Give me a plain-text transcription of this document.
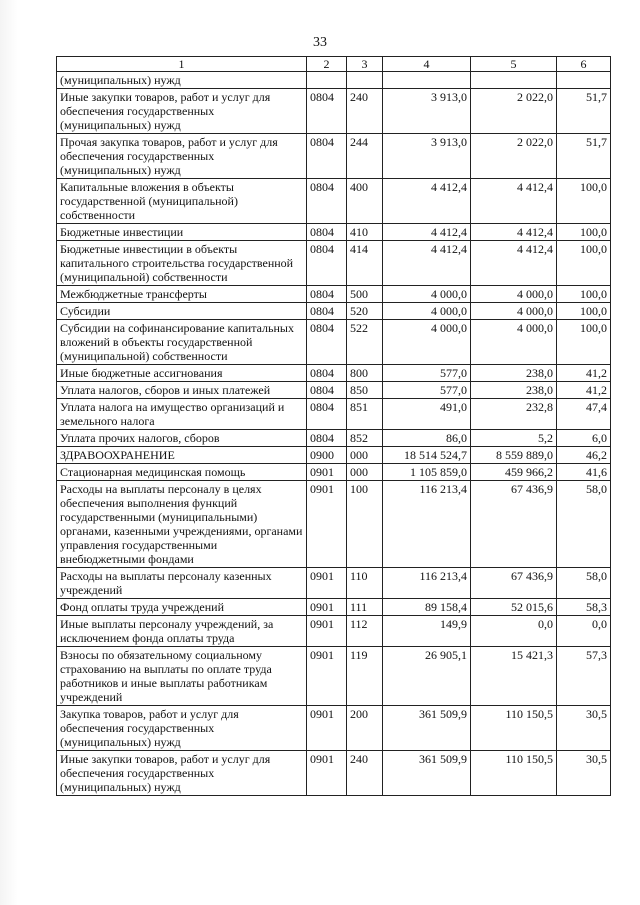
33
1	2	3	4	5	6
(муниципальных) нужд					
Иные закупки товаров, работ и услуг для обеспечения государственных (муниципальных) нужд	0804	240	3 913,0	2 022,0	51,7
Прочая закупка товаров, работ и услуг для обеспечения государственных (муниципальных) нужд	0804	244	3 913,0	2 022,0	51,7
Капитальные вложения в объекты государственной (муниципальной) собственности	0804	400	4 412,4	4 412,4	100,0
Бюджетные инвестиции	0804	410	4 412,4	4 412,4	100,0
Бюджетные инвестиции в объекты капитального строительства государственной (муниципальной) собственности	0804	414	4 412,4	4 412,4	100,0
Межбюджетные трансферты	0804	500	4 000,0	4 000,0	100,0
Субсидии	0804	520	4 000,0	4 000,0	100,0
Субсидии на софинансирование капитальных вложений в объекты государственной (муниципальной) собственности	0804	522	4 000,0	4 000,0	100,0
Иные бюджетные ассигнования	0804	800	577,0	238,0	41,2
Уплата налогов, сборов и иных платежей	0804	850	577,0	238,0	41,2
Уплата налога на имущество организаций и земельного налога	0804	851	491,0	232,8	47,4
Уплата прочих налогов, сборов	0804	852	86,0	5,2	6,0
ЗДРАВООХРАНЕНИЕ	0900	000	18 514 524,7	8 559 889,0	46,2
Стационарная медицинская помощь	0901	000	1 105 859,0	459 966,2	41,6
Расходы на выплаты персоналу в целях обеспечения выполнения функций государственными (муниципальными) органами, казенными учреждениями, органами управления государственными внебюджетными фондами	0901	100	116 213,4	67 436,9	58,0
Расходы на выплаты персоналу казенных учреждений	0901	110	116 213,4	67 436,9	58,0
Фонд оплаты труда учреждений	0901	111	89 158,4	52 015,6	58,3
Иные выплаты персоналу учреждений, за исключением фонда оплаты труда	0901	112	149,9	0,0	0,0
Взносы по обязательному социальному страхованию на выплаты по оплате труда работников и иные выплаты работникам учреждений	0901	119	26 905,1	15 421,3	57,3
Закупка товаров, работ и услуг для обеспечения государственных (муниципальных) нужд	0901	200	361 509,9	110 150,5	30,5
Иные закупки товаров, работ и услуг для обеспечения государственных (муниципальных) нужд	0901	240	361 509,9	110 150,5	30,5
